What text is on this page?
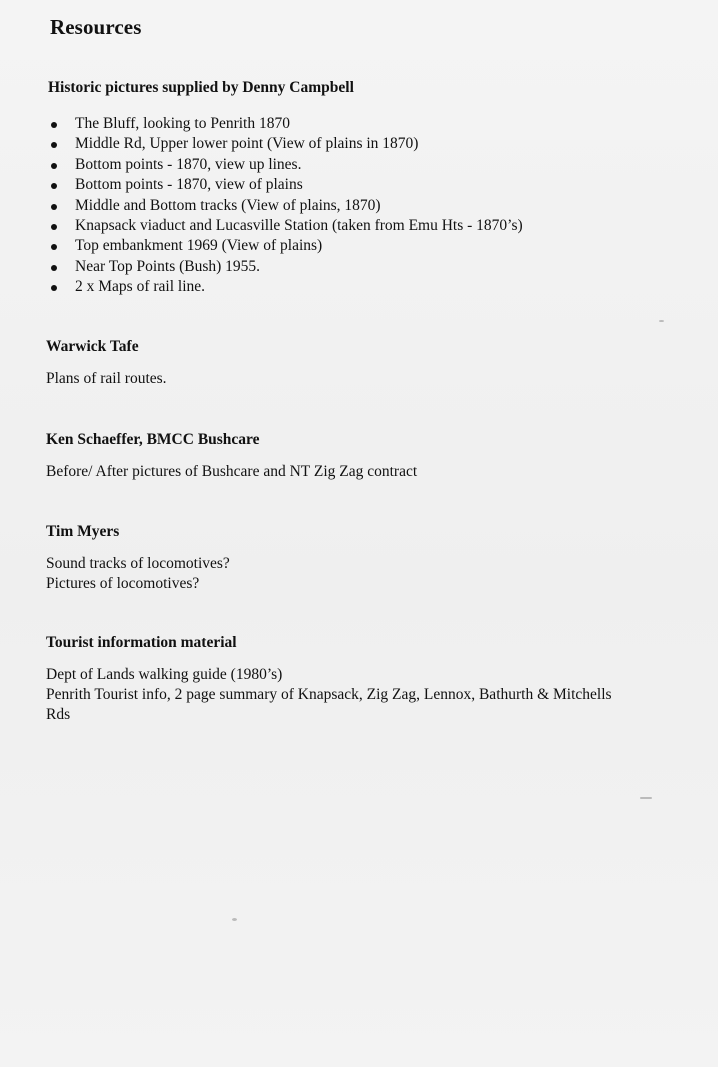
Resources
Historic pictures supplied by Denny Campbell
The Bluff, looking to Penrith 1870
Middle Rd, Upper lower point (View of plains in 1870)
Bottom points - 1870, view up lines.
Bottom points - 1870, view of plains
Middle and Bottom tracks (View of plains, 1870)
Knapsack viaduct and Lucasville Station (taken from Emu Hts - 1870’s)
Top embankment 1969 (View of plains)
Near Top Points (Bush) 1955.
2 x Maps of rail line.
Warwick Tafe

Plans of rail routes.

Ken Schaeffer, BMCC Bushcare

Before/ After pictures of Bushcare and NT Zig Zag contract

Tim Myers

Sound tracks of locomotives?

Pictures of locomotives?

Tourist information material

Dept of Lands walking guide (1980’s)

Penrith Tourist info, 2 page summary of Knapsack, Zig Zag, Lennox, Bathurth & Mitchells

Rds
